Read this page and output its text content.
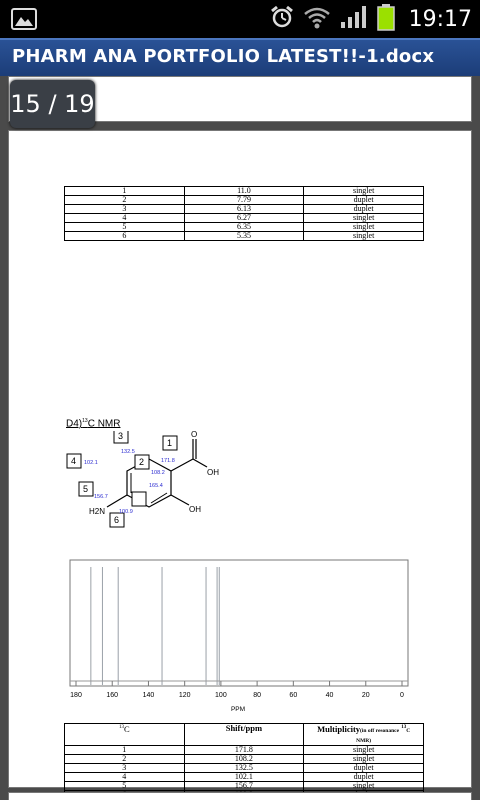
19:17
PHARM ANA PORTFOLIO LATEST!!-1.docx
1	11.0	singlet
2	7.79	duplet
3	6.13	duplet
4	6.27	singlet
5	6.35	singlet
6	5.35	singlet
D4)$^{13}$C NMR
O
OH
OH
H2N
1
2
3
4
5
6
171.8
108.2
132.5
102.1
156.7
165.4
100.9
180	160	140	120	100	80	60	40	20	0
PPM
$^{13}$C	Shift/ppm	Multiplicity(in off resonance $^{13}$C
NMR)
1	171.8	singlet
2	108.2	singlet
3	132.5	duplet
4	102.1	duplet
5	156.7	singlet

15 / 19
